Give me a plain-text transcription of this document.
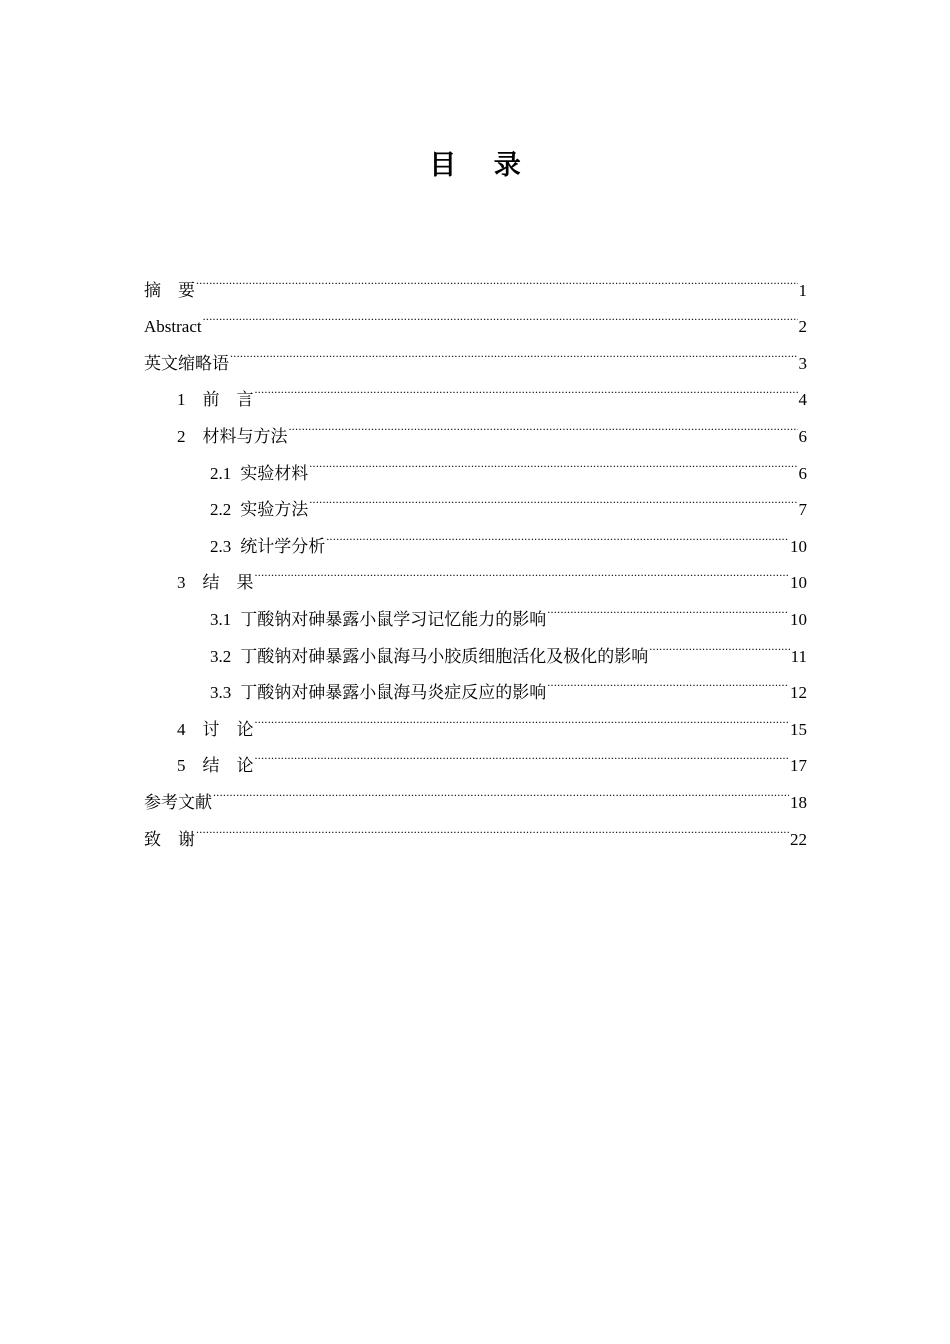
目 录
摘　要 .....	1
Abstract .....	2
英文缩略语 .....	3
1 前　言 .....	4
2 材料与方法 .....	6
2.1 实验材料 .....	6
2.2 实验方法 .....	7
2.3 统计学分析 .....	10
3 结　果 .....	10
3.1 丁酸钠对砷暴露小鼠学习记忆能力的影响 .....	10
3.2 丁酸钠对砷暴露小鼠海马小胶质细胞活化及极化的影响 .....	11
3.3 丁酸钠对砷暴露小鼠海马炎症反应的影响 .....	12
4 讨　论 .....	15
5 结　论 .....	17
参考文献 .....	18
致　谢 .....	22
